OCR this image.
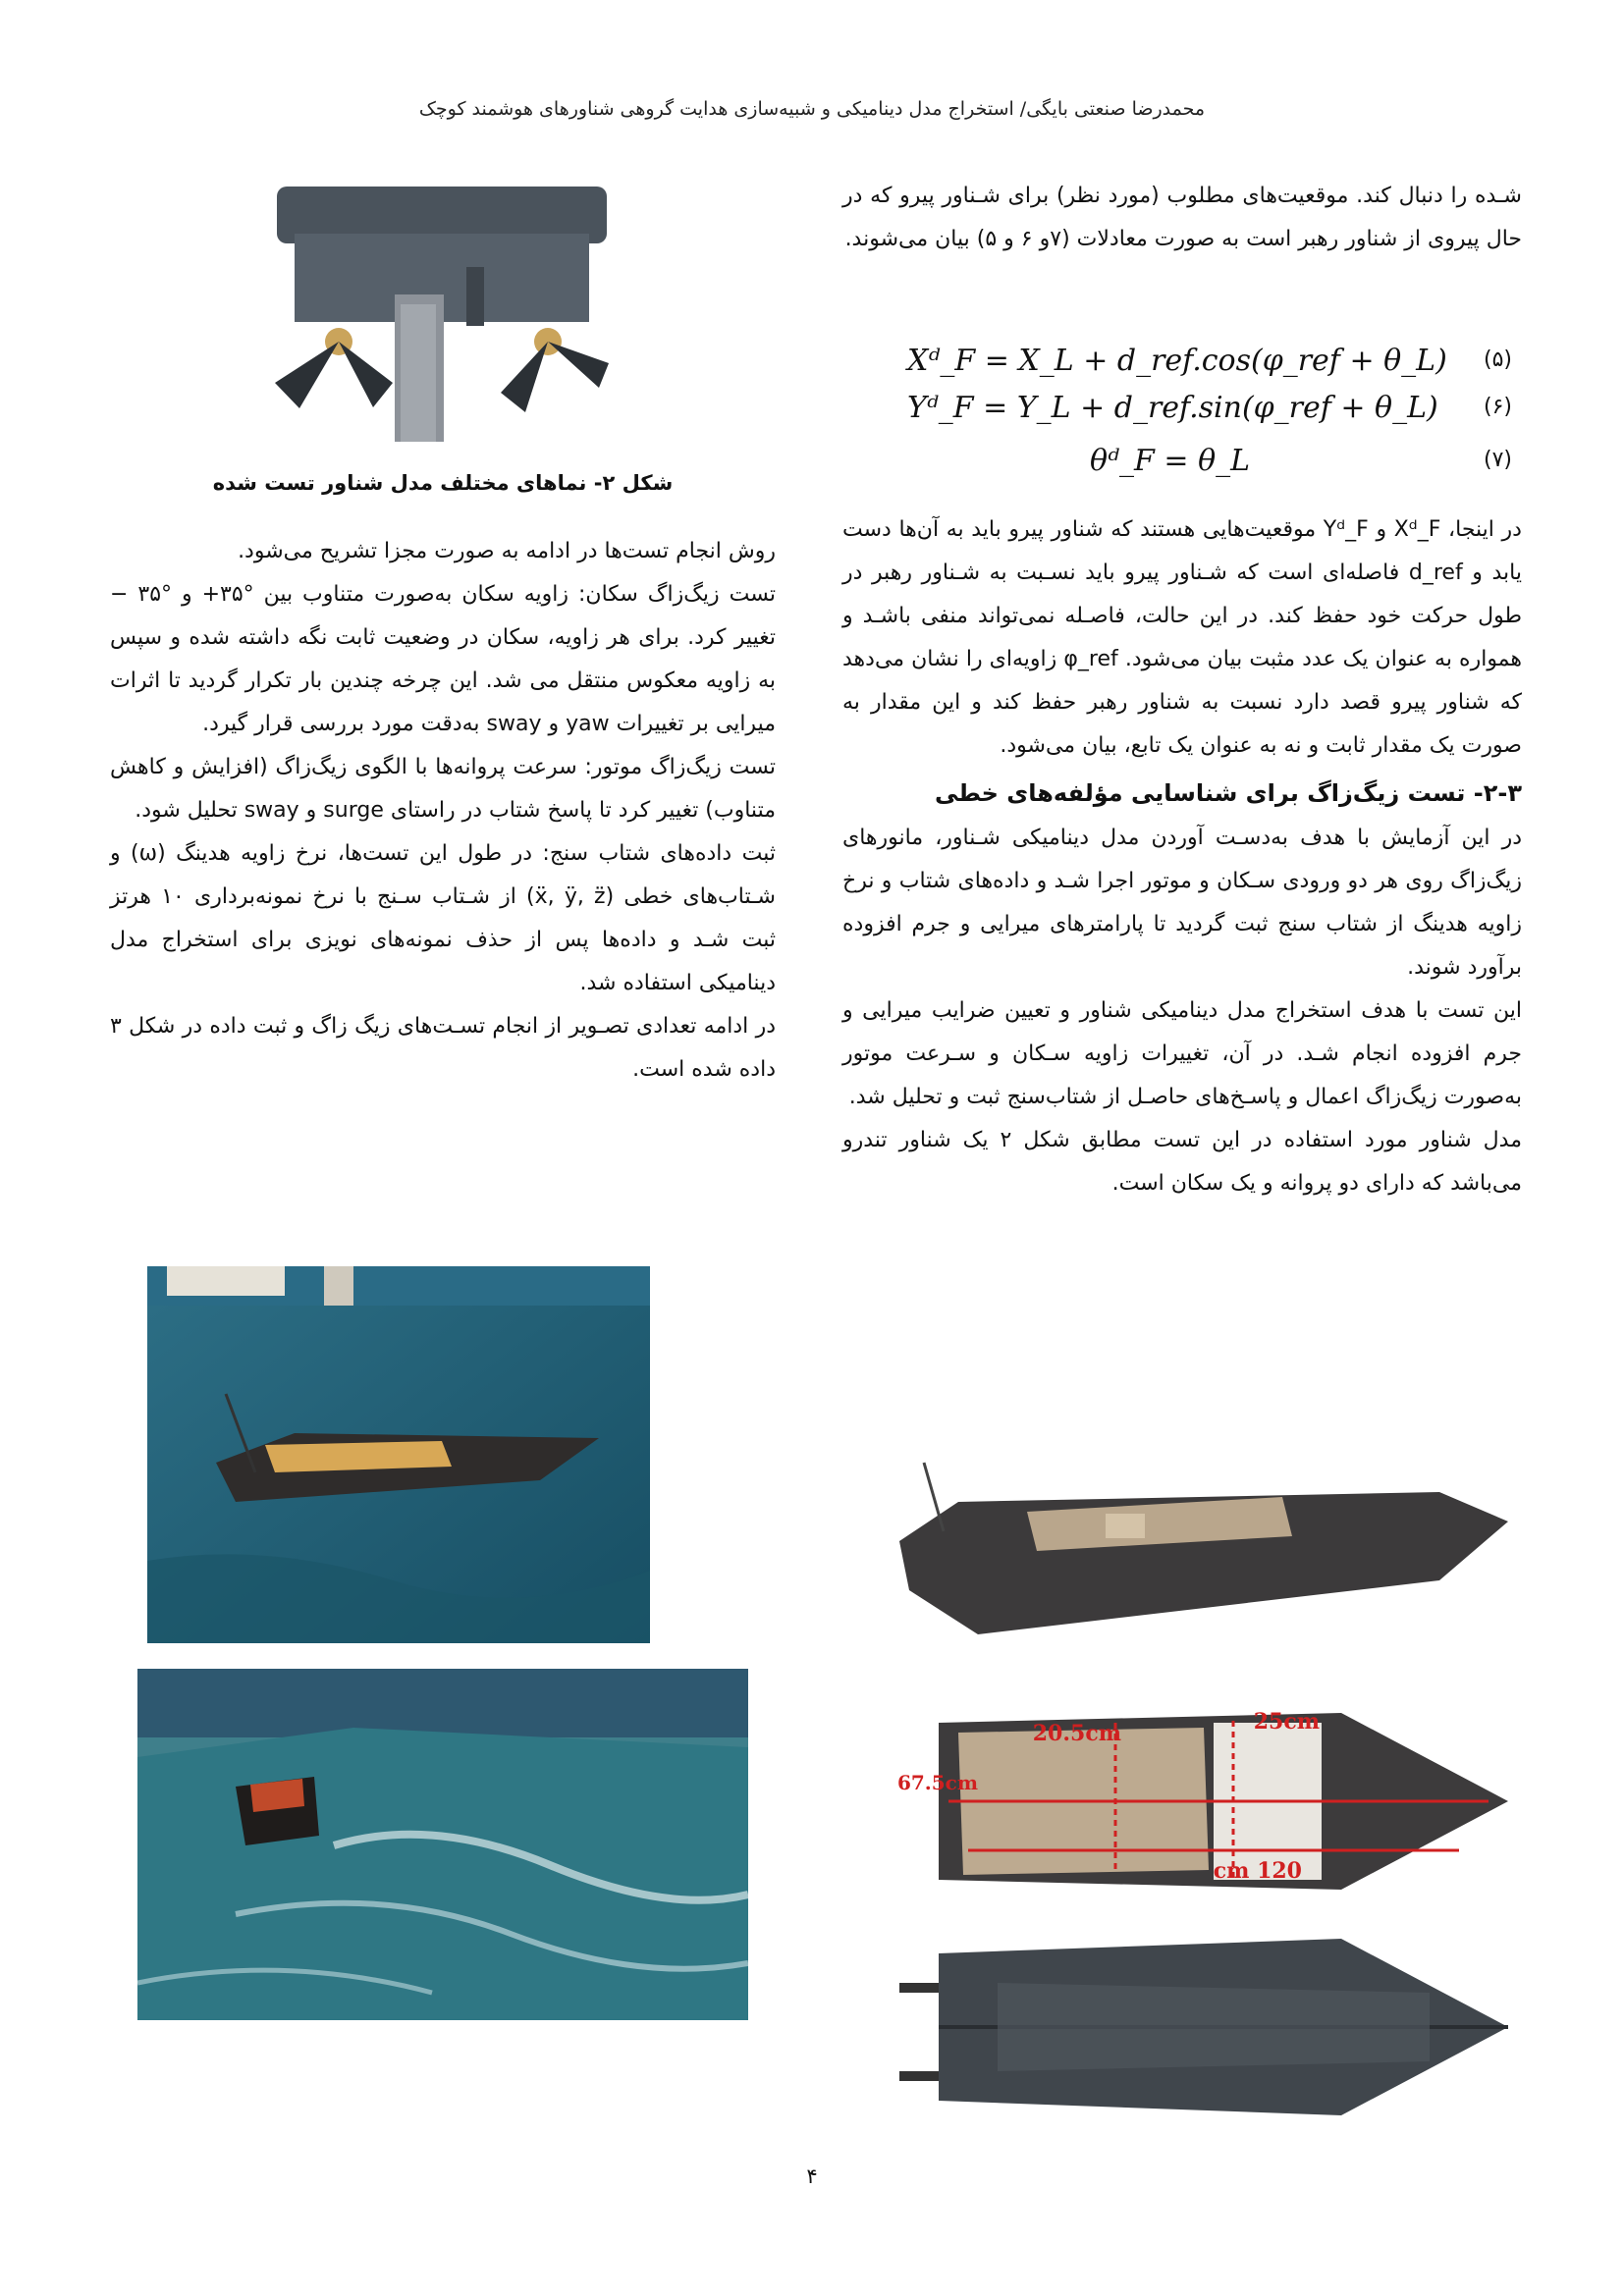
محمدرضا صنعتی بایگی/ استخراج مدل دینامیکی و شبیه‌سازی هدایت گروهی شناورهای هوشمند کوچک

شـده را دنبال کند. موقعیت‌های مطلوب (مورد نظر) برای شـناور پیرو که در حال پیروی از شناور رهبر است به صورت معادلات (۷و ۶ و ۵) بیان می‌شوند.

(۵)
Xᵈ_F = X_L + d_ref.cos(φ_ref + θ_L)
(۶)
Yᵈ_F = Y_L + d_ref.sin(φ_ref + θ_L)
(۷)
θᵈ_F = θ_L

در اینجا، Xᵈ_F و Yᵈ_F موقعیت‌هایی هستند که شناور پیرو باید به آن‌ها دست یابد و d_ref فاصله‌ای است که شـناور پیرو باید نسـبت به شـناور رهبر در طول حرکت خود حفظ کند. در این حالت، فاصـله نمی‌تواند منفی باشـد و همواره به عنوان یک عدد مثبت بیان می‌شود. φ_ref زاویه‌ای را نشان می‌دهد که شناور پیرو قصد دارد نسبت به شناور رهبر حفظ کند و این مقدار به صورت یک مقدار ثابت و نه به عنوان یک تابع، بیان می‌شود.

۲-۳- تست زیگ‌زاگ برای شناسایی مؤلفه‌های خطی

در این آزمایش با هدف به‌دسـت آوردن مدل دینامیکی شـناور، مانورهای زیگ‌زاگ روی هر دو ورودی سـکان و موتور اجرا شـد و داده‌های شتاب و نرخ زاویه هدینگ از شتاب سنج ثبت گردید تا پارامترهای میرایی و جرم افزوده برآورد شوند.

این تست با هدف استخراج مدل دینامیکی شناور و تعیین ضرایب میرایی و جرم افزوده انجام شـد. در آن، تغییرات زاویه سـکان و سـرعت موتور به‌صورت زیگ‌زاگ اعمال و پاسـخ‌های حاصـل از شتاب‌سنج ثبت و تحلیل شد.

مدل شناور مورد استفاده در این تست مطابق شکل ۲ یک شناور تندرو می‌باشد که دارای دو پروانه و یک سکان است.

شکل ۲- نماهای مختلف مدل شناور تست شده

روش انجام تست‌ها در ادامه به صورت مجزا تشریح می‌شود.

تست زیگ‌زاگ سکان: زاویه سکان به‌صورت متناوب بین °۳۵+ و °۳۵ − تغییر کرد. برای هر زاویه، سکان در وضعیت ثابت نگه داشته شده و سپس به زاویه معکوس منتقل می شد. این چرخه چندین بار تکرار گردید تا اثرات میرایی بر تغییرات yaw و sway به‌دقت مورد بررسی قرار گیرد.

تست زیگ‌زاگ موتور: سرعت پروانه‌ها با الگوی زیگ‌زاگ (افزایش و کاهش متناوب) تغییر کرد تا پاسخ شتاب در راستای surge و sway تحلیل شود.

ثبت داده‌های شتاب سنج: در طول این تست‌ها، نرخ زاویه هدینگ (ω) و شـتاب‌های خطی (ẍ, ÿ, z̈) از شـتاب سـنج با نرخ نمونه‌برداری ۱۰ هرتز ثبت شـد و داده‌ها پس از حذف نمونه‌های نویزی برای استخراج مدل دینامیکی استفاده شد.

در ادامه تعدادی تصـویر از انجام تسـت‌های زیگ زاگ و ثبت داده در شکل ۳ داده شده است.

20.5cm	25cm
120 cm
67.5cm
۴
